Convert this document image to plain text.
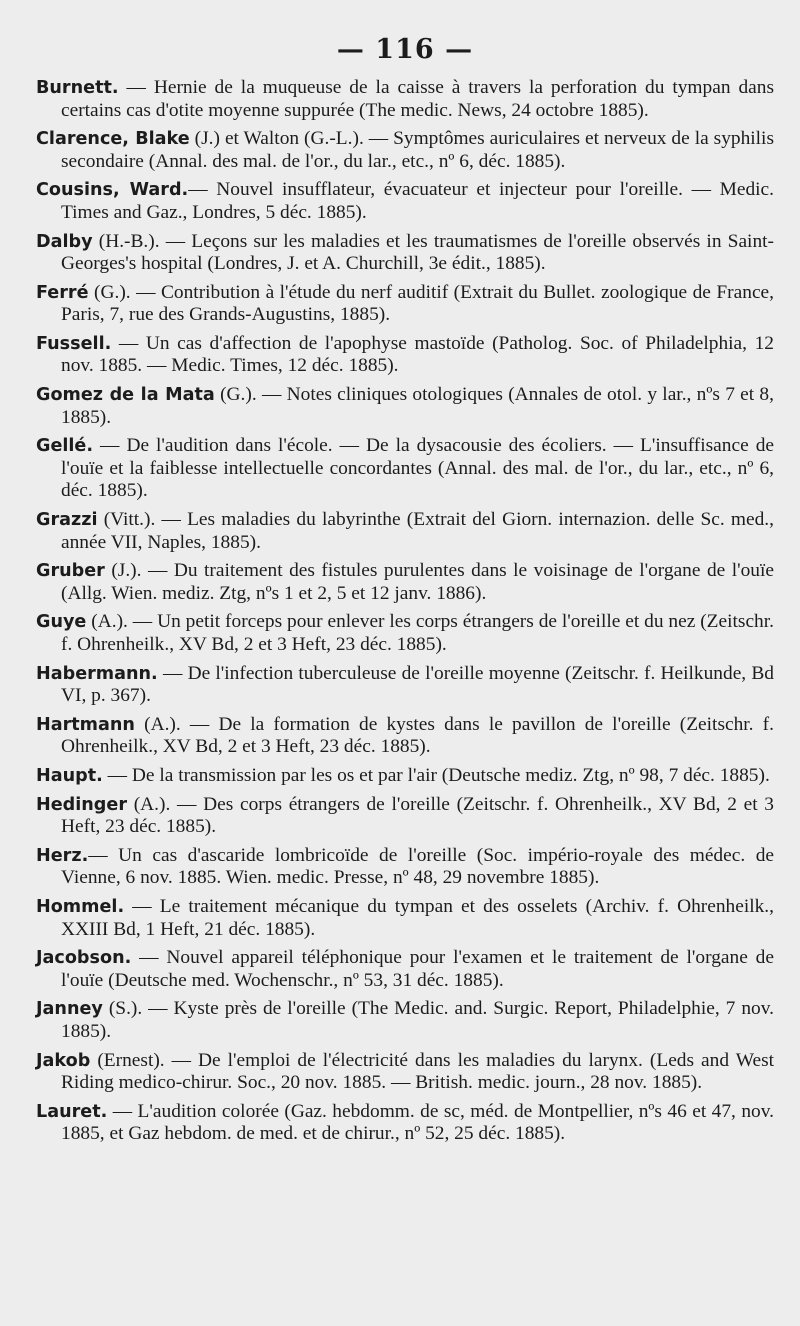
— 116 —
Burnett. — Hernie de la muqueuse de la caisse à travers la perforation du tympan dans certains cas d'otite moyenne suppurée (The medic. News, 24 octobre 1885).
Clarence, Blake (J.) et Walton (G.-L.). — Symptômes auriculaires et nerveux de la syphilis secondaire (Annal. des mal. de l'or., du lar., etc., nº 6, déc. 1885).
Cousins, Ward.— Nouvel insufflateur, évacuateur et injecteur pour l'oreille. — Medic. Times and Gaz., Londres, 5 déc. 1885).
Dalby (H.-B.). — Leçons sur les maladies et les traumatismes de l'oreille observés in Saint-Georges's hospital (Londres, J. et A. Churchill, 3e édit., 1885).
Ferré (G.). — Contribution à l'étude du nerf auditif (Extrait du Bullet. zoologique de France, Paris, 7, rue des Grands-Augustins, 1885).
Fussell. — Un cas d'affection de l'apophyse mastoïde (Patholog. Soc. of Philadelphia, 12 nov. 1885. — Medic. Times, 12 déc. 1885).
Gomez de la Mata (G.). — Notes cliniques otologiques (Annales de otol. y lar., nºs 7 et 8, 1885).
Gellé. — De l'audition dans l'école. — De la dysacousie des écoliers. — L'insuffisance de l'ouïe et la faiblesse intellectuelle concordantes (Annal. des mal. de l'or., du lar., etc., nº 6, déc. 1885).
Grazzi (Vitt.). — Les maladies du labyrinthe (Extrait del Giorn. internazion. delle Sc. med., année VII, Naples, 1885).
Gruber (J.). — Du traitement des fistules purulentes dans le voisinage de l'organe de l'ouïe (Allg. Wien. mediz. Ztg, nºs 1 et 2, 5 et 12 janv. 1886).
Guye (A.). — Un petit forceps pour enlever les corps étrangers de l'oreille et du nez (Zeitschr. f. Ohrenheilk., XV Bd, 2 et 3 Heft, 23 déc. 1885).
Habermann. — De l'infection tuberculeuse de l'oreille moyenne (Zeitschr. f. Heilkunde, Bd VI, p. 367).
Hartmann (A.). — De la formation de kystes dans le pavillon de l'oreille (Zeitschr. f. Ohrenheilk., XV Bd, 2 et 3 Heft, 23 déc. 1885).
Haupt. — De la transmission par les os et par l'air (Deutsche mediz. Ztg, nº 98, 7 déc. 1885).
Hedinger (A.). — Des corps étrangers de l'oreille (Zeitschr. f. Ohrenheilk., XV Bd, 2 et 3 Heft, 23 déc. 1885).
Herz.— Un cas d'ascaride lombricoïde de l'oreille (Soc. império-royale des médec. de Vienne, 6 nov. 1885. Wien. medic. Presse, nº 48, 29 novembre 1885).
Hommel. — Le traitement mécanique du tympan et des osselets (Archiv. f. Ohrenheilk., XXIII Bd, 1 Heft, 21 déc. 1885).
Jacobson. — Nouvel appareil téléphonique pour l'examen et le traitement de l'organe de l'ouïe (Deutsche med. Wochenschr., nº 53, 31 déc. 1885).
Janney (S.). — Kyste près de l'oreille (The Medic. and. Surgic. Report, Philadelphie, 7 nov. 1885).
Jakob (Ernest). — De l'emploi de l'électricité dans les maladies du larynx. (Leds and West Riding medico-chirur. Soc., 20 nov. 1885. — British. medic. journ., 28 nov. 1885).
Lauret. — L'audition colorée (Gaz. hebdomm. de sc, méd. de Montpellier, nºs 46 et 47, nov. 1885, et Gaz hebdom. de med. et de chirur., nº 52, 25 déc. 1885).
